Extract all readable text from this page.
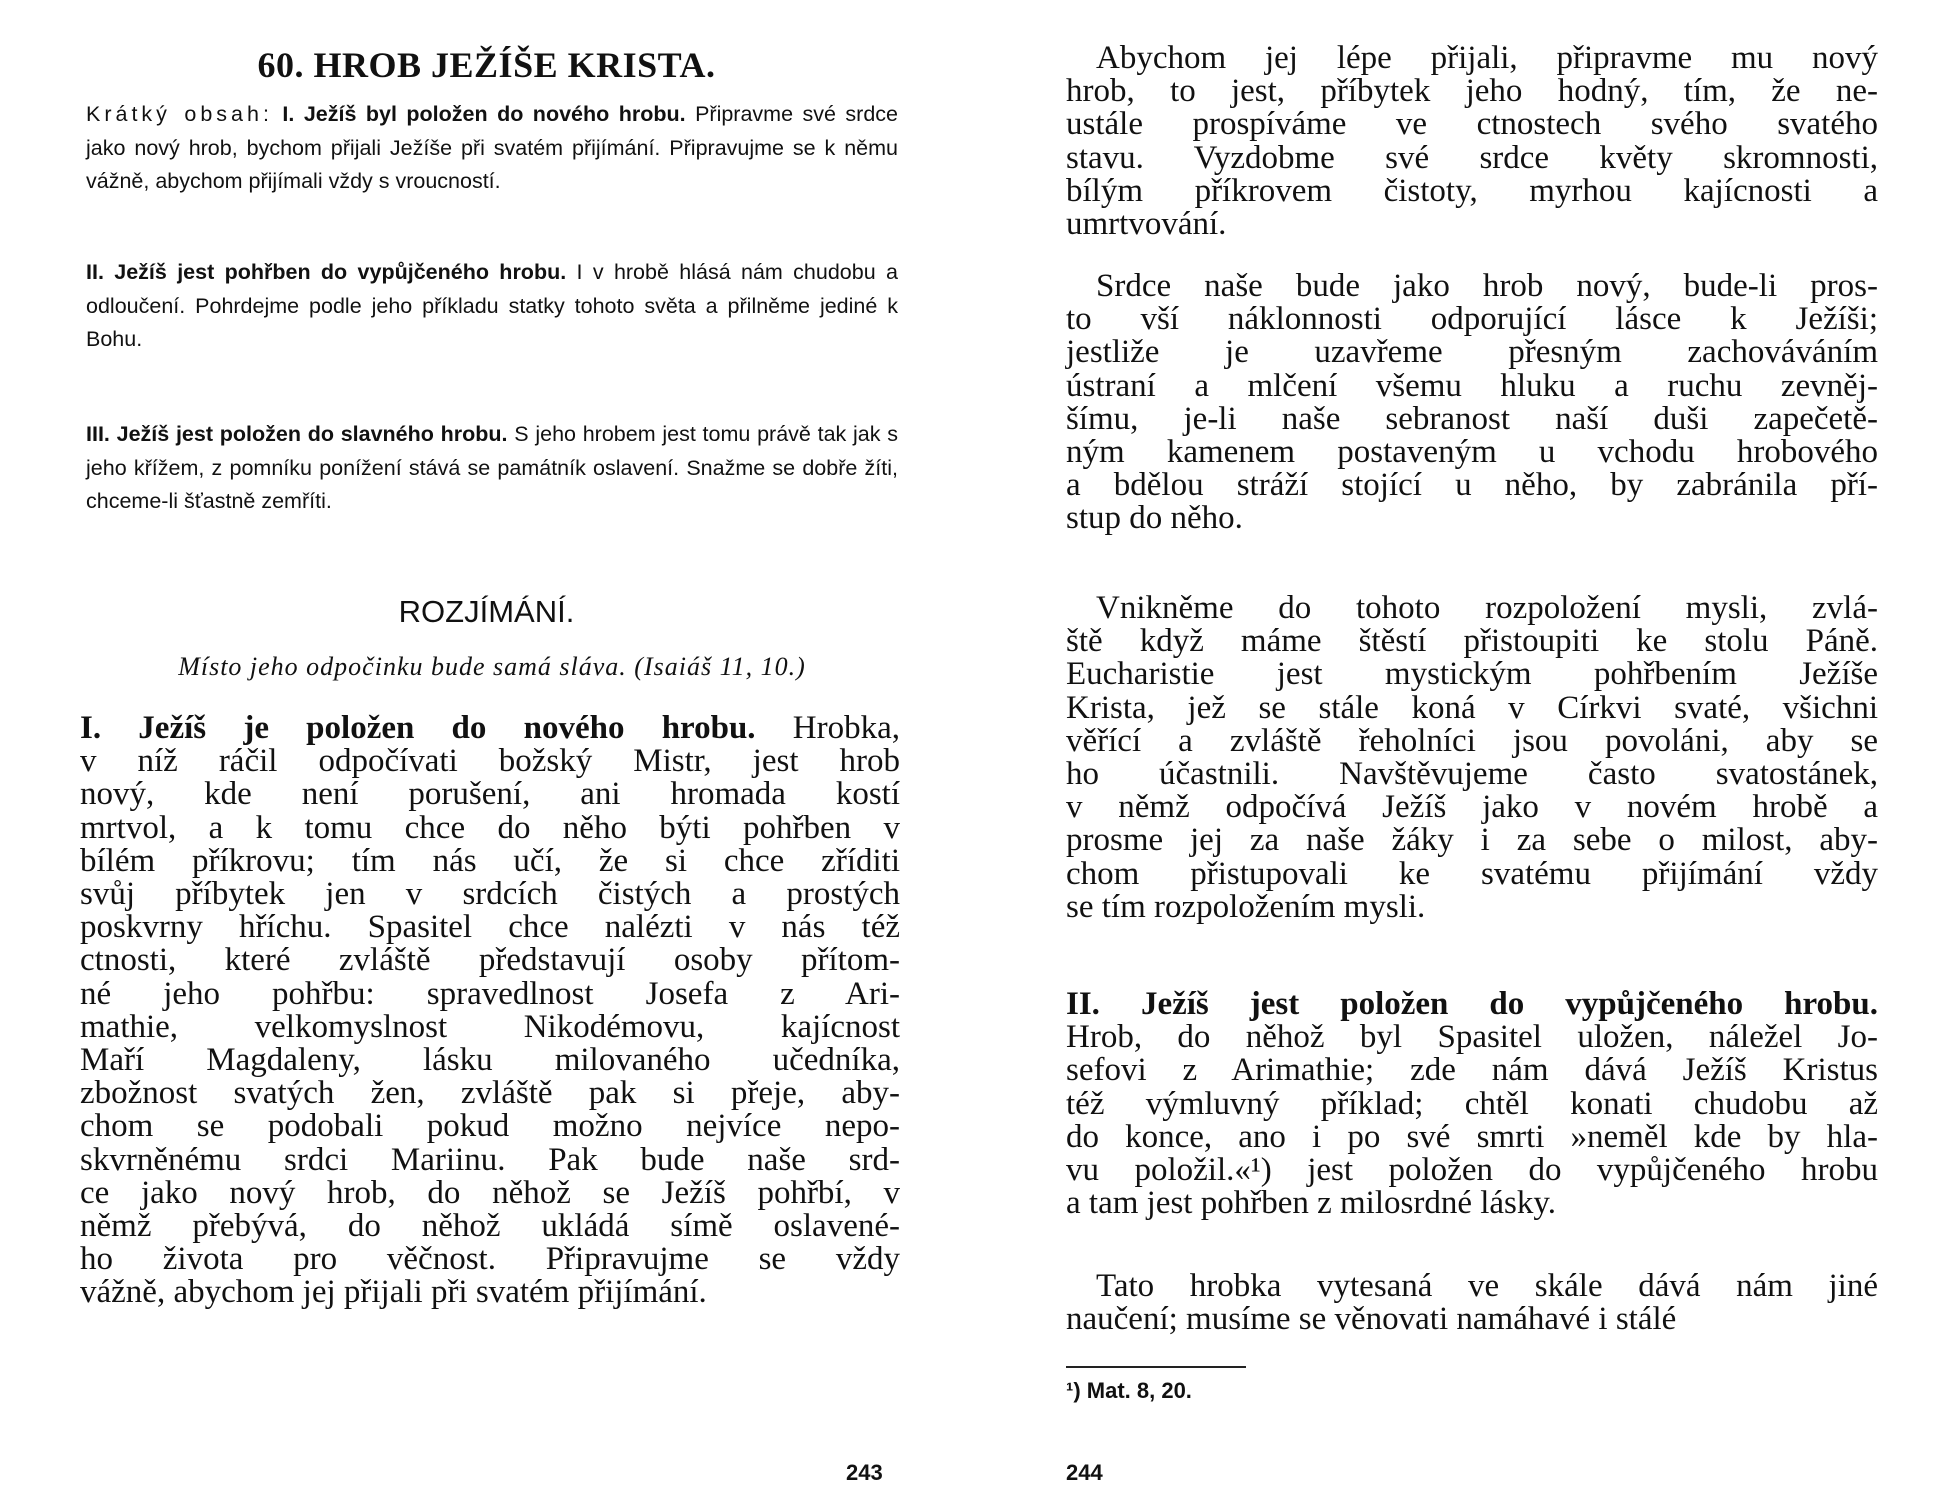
60. HROB JEŽÍŠE KRISTA.

Krátký obsah: I. Ježíš byl položen do nového hrobu. Připravme své srdce jako nový hrob, bychom přijali Ježíše při svatém přijímání. Připravujme se k němu vážně, abychom přijímali vždy s vroucností.

II. Ježíš jest pohřben do vypůjčeného hrobu. I v hrobě hlásá nám chudobu a odloučení. Pohrdejme podle jeho příkladu statky tohoto světa a přilněme jediné k Bohu.

III. Ježíš jest položen do slavného hrobu. S jeho hrobem jest tomu právě tak jak s jeho křížem, z pomníku ponížení stává se památník oslavení. Snažme se dobře žíti, chceme-li šťastně zemříti.

ROZJÍMÁNÍ.
Místo jeho odpočinku bude samá sláva. (Isaiáš 11, 10.)
I. Ježíš je položen do nového hrobu. Hrobka,
v níž ráčil odpočívati božský Mistr, jest hrob
nový, kde není porušení, ani hromada kostí
mrtvol, a k tomu chce do něho býti pohřben v
bílém příkrovu; tím nás učí, že si chce zříditi
svůj příbytek jen v srdcích čistých a prostých
poskvrny hříchu. Spasitel chce nalézti v nás též
ctnosti, které zvláště představují osoby přítom-
né jeho pohřbu: spravedlnost Josefa z Ari-
mathie, velkomyslnost Nikodémovu, kajícnost
Maří Magdaleny, lásku milovaného učedníka,
zbožnost svatých žen, zvláště pak si přeje, aby-
chom se podobali pokud možno nejvíce nepo-
skvrněnému srdci Mariinu. Pak bude naše srd-
ce jako nový hrob, do něhož se Ježíš pohřbí, v
němž přebývá, do něhož ukládá símě oslavené-
ho života pro věčnost. Připravujme se vždy
vážně, abychom jej přijali při svatém přijímání.
243
Abychom jej lépe přijali, připravme mu nový
hrob, to jest, příbytek jeho hodný, tím, že ne-
ustále prospíváme ve ctnostech svého svatého
stavu. Vyzdobme své srdce květy skromnosti,
bílým příkrovem čistoty, myrhou kajícnosti a
umrtvování.
Srdce naše bude jako hrob nový, bude-li pros-
to vší náklonnosti odporující lásce k Ježíši;
jestliže je uzavřeme přesným zachováváním
ústraní a mlčení všemu hluku a ruchu zevněj-
šímu, je-li naše sebranost naší duši zapečetě-
ným kamenem postaveným u vchodu hrobového
a bdělou stráží stojící u něho, by zabránila pří-
stup do něho.
Vnikněme do tohoto rozpoložení mysli, zvlá-
ště když máme štěstí přistoupiti ke stolu Páně.
Eucharistie jest mystickým pohřbením Ježíše
Krista, jež se stále koná v Církvi svaté, všichni
věřící a zvláště řeholníci jsou povoláni, aby se
ho účastnili. Navštěvujeme často svatostánek,
v němž odpočívá Ježíš jako v novém hrobě a
prosme jej za naše žáky i za sebe o milost, aby-
chom přistupovali ke svatému přijímání vždy
se tím rozpoložením mysli.
II. Ježíš jest položen do vypůjčeného hrobu.
Hrob, do něhož byl Spasitel uložen, náležel Jo-
sefovi z Arimathie; zde nám dává Ježíš Kristus
též výmluvný příklad; chtěl konati chudobu až
do konce, ano i po své smrti »neměl kde by hla-
vu položil.«¹) jest položen do vypůjčeného hrobu
a tam jest pohřben z milosrdné lásky.
Tato hrobka vytesaná ve skále dává nám jiné
naučení; musíme se věnovati namáhavé i stálé
¹) Mat. 8, 20.
244
